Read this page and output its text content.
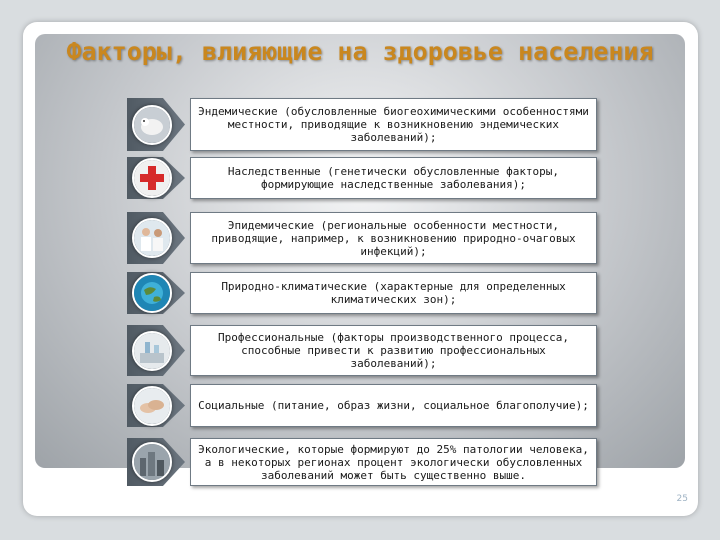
Факторы, влияющие на здоровье населения
Эндемические (обусловленные биогеохимическими особенностями местности, приводящие к возникновению эндемических заболеваний);
Наследственные (генетически обусловленные факторы, формирующие наследственные заболевания);
Эпидемические (региональные особенности местности, приводящие, например, к возникновению природно-очаговых инфекций);
Природно-климатические (характерные для определенных климатических зон);
Профессиональные (факторы производственного процесса, способные привести к развитию профессиональных заболеваний);
Социальные (питание, образ жизни, социальное благополучие);
Экологические, которые формируют до 25% патологии человека, а в некоторых регионах процент экологически обусловленных заболеваний может быть существенно выше.
25
